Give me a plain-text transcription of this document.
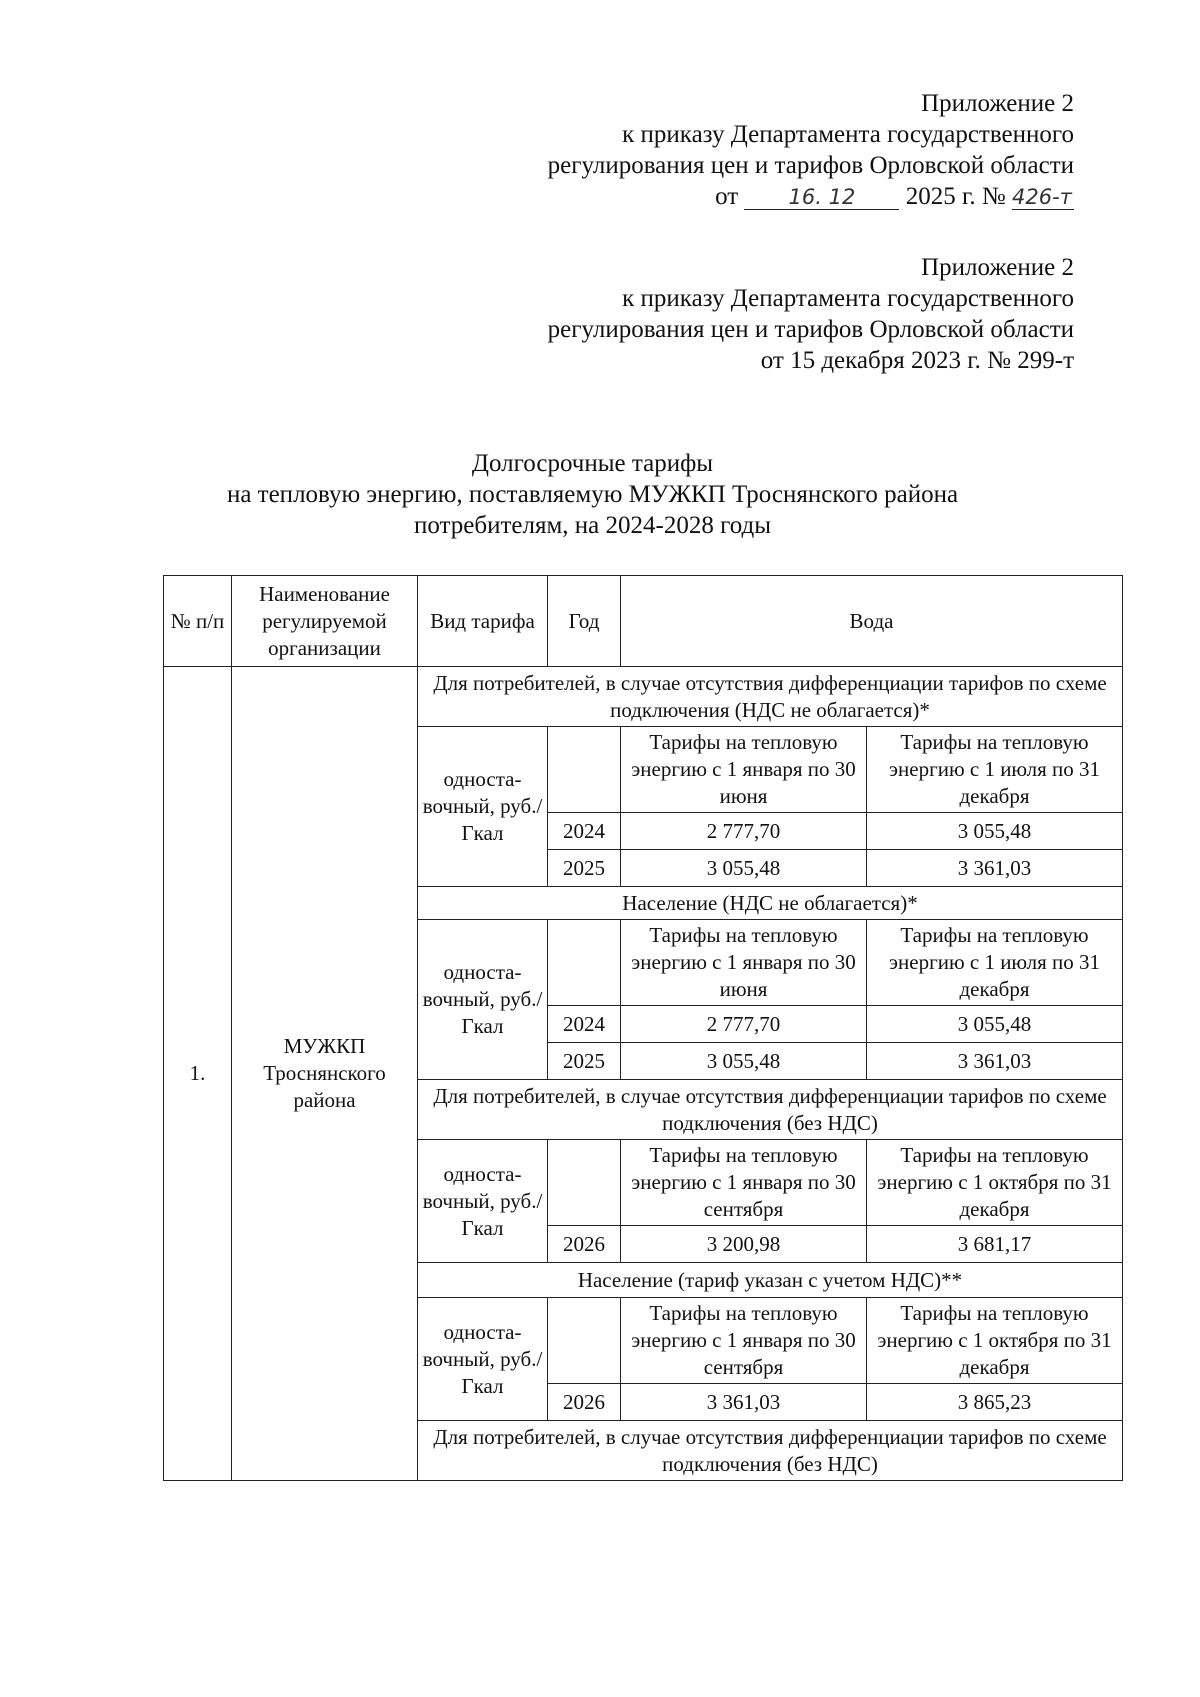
Приложение 2
к приказу Департамента государственного
регулирования цен и тарифов Орловской области
от 16. 12 2025 г. № 426-т
Приложение 2
к приказу Департамента государственного
регулирования цен и тарифов Орловской области
от 15 декабря 2023 г. № 299-т
Долгосрочные тарифы
на тепловую энергию, поставляемую МУЖКП Троснянского района
потребителям, на 2024-2028 годы
№ п/п	Наименование регулируемой организации	Вид тарифа	Год	Вода	
1.	МУЖКП Троснянского района	Для потребителей, в случае отсутствия дифференциации тарифов по схеме подключения (НДС не облагается)*			
		односта-вочный, руб./Гкал		Тарифы на тепловую энергию с 1 января по 30 июня	Тарифы на тепловую энергию с 1 июля по 31 декабря
			2024	2 777,70	3 055,48
			2025	3 055,48	3 361,03
		Население (НДС не облагается)*			
		односта-вочный, руб./Гкал		Тарифы на тепловую энергию с 1 января по 30 июня	Тарифы на тепловую энергию с 1 июля по 31 декабря
			2024	2 777,70	3 055,48
			2025	3 055,48	3 361,03
		Для потребителей, в случае отсутствия дифференциации тарифов по схеме подключения (без НДС)			
		односта-вочный, руб./Гкал		Тарифы на тепловую энергию с 1 января по 30 сентября	Тарифы на тепловую энергию с 1 октября по 31 декабря
			2026	3 200,98	3 681,17
		Население (тариф указан с учетом НДС)**			
		односта-вочный, руб./Гкал		Тарифы на тепловую энергию с 1 января по 30 сентября	Тарифы на тепловую энергию с 1 октября по 31 декабря
			2026	3 361,03	3 865,23
		Для потребителей, в случае отсутствия дифференциации тарифов по схеме подключения (без НДС)			
